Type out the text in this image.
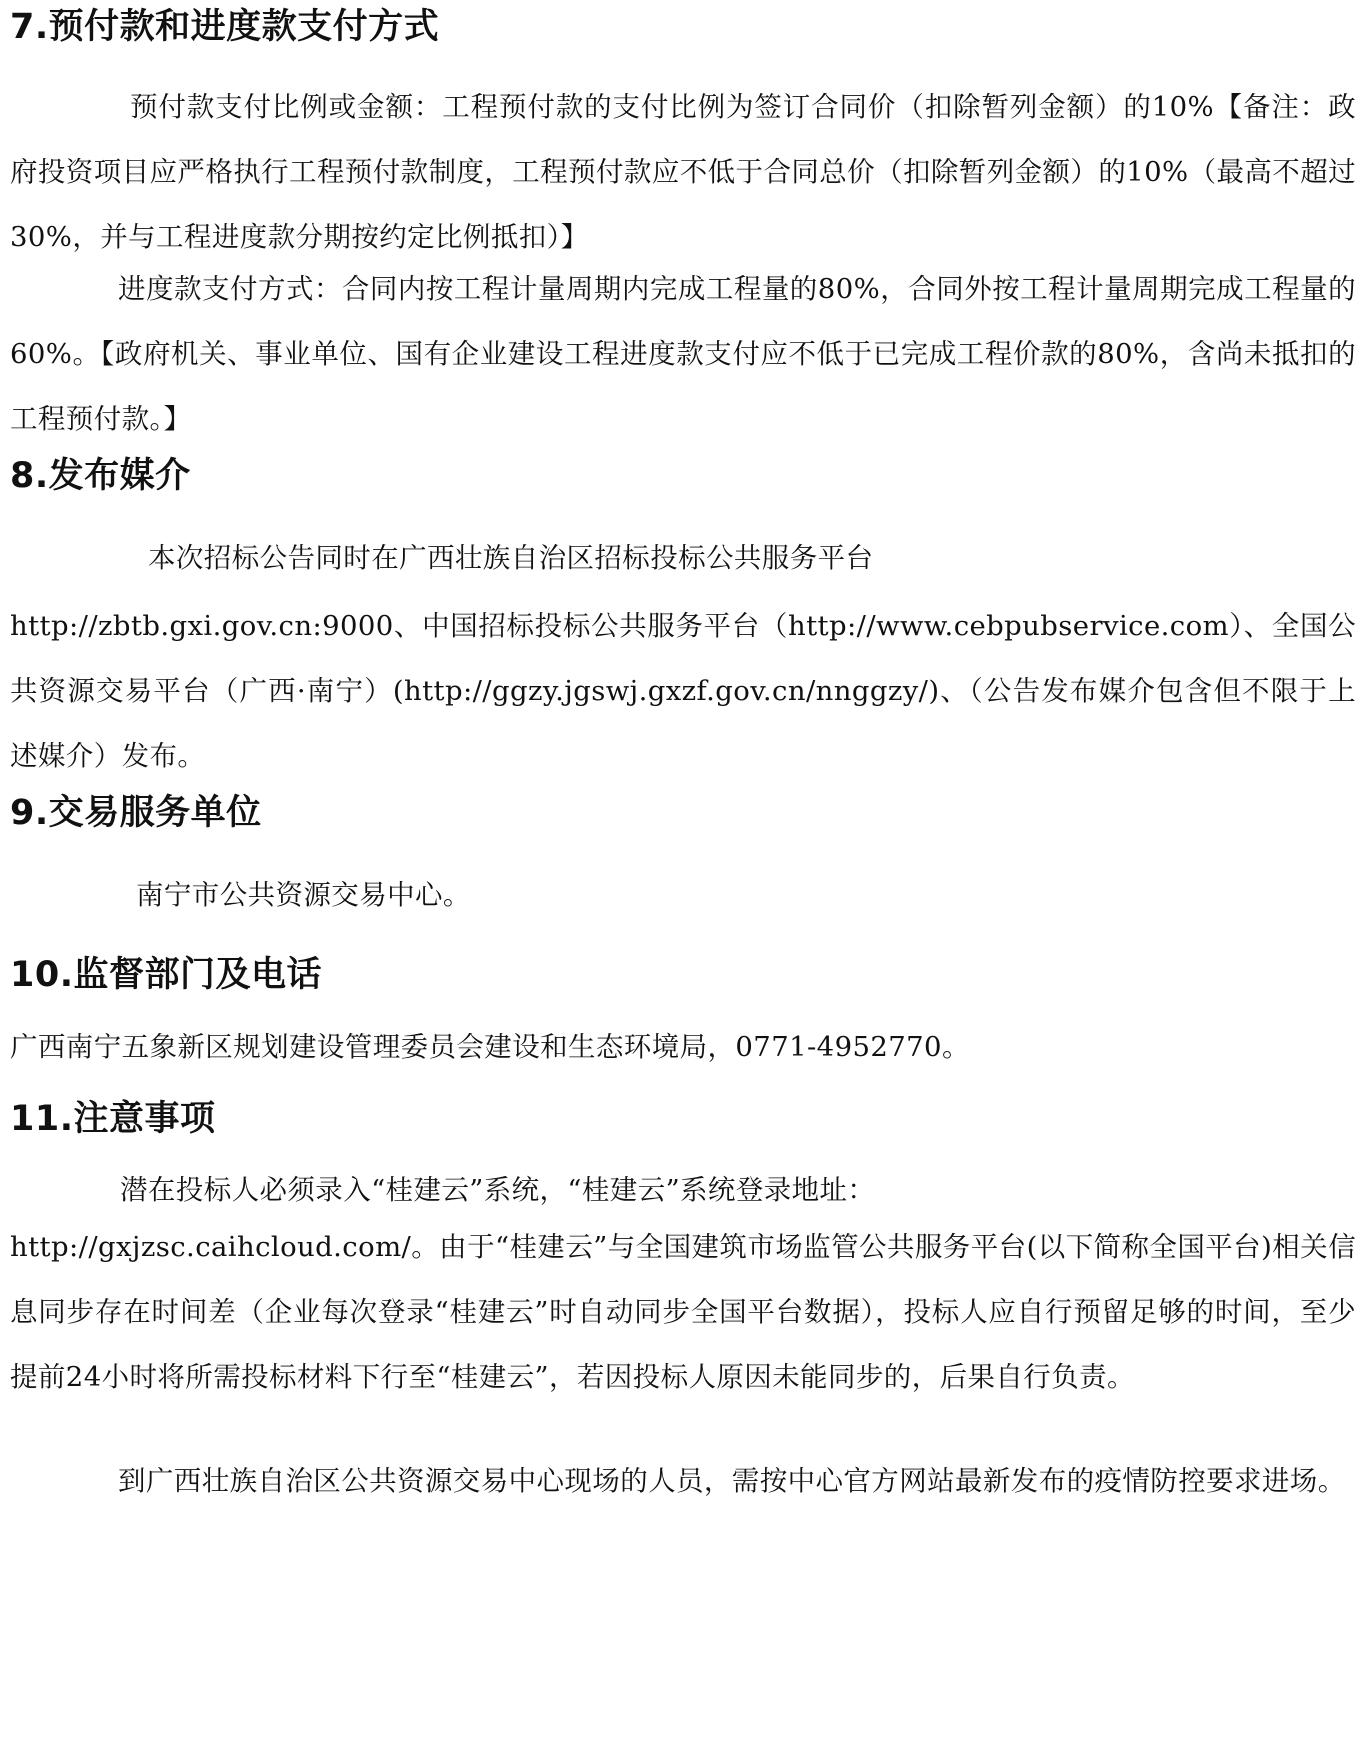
7.预付款和进度款支付方式
预付款支付比例或金额：工程预付款的支付比例为签订合同价（扣除暂列金额）的10%【备注：政府投资项目应严格执行工程预付款制度，工程预付款应不低于合同总价（扣除暂列金额）的10%（最高不超过30%，并与工程进度款分期按约定比例抵扣）】
进度款支付方式：合同内按工程计量周期内完成工程量的80%，合同外按工程计量周期完成工程量的60%。【政府机关、事业单位、国有企业建设工程进度款支付应不低于已完成工程价款的80%，含尚未抵扣的工程预付款。】
8.发布媒介
本次招标公告同时在广西壮族自治区招标投标公共服务平台
http://zbtb.gxi.gov.cn:9000、中国招标投标公共服务平台（http://www.cebpubservice.com）、全国公共资源交易平台（广西·南宁）(http://ggzy.jgswj.gxzf.gov.cn/nnggzy/)、（公告发布媒介包含但不限于上述媒介）发布。
9.交易服务单位
南宁市公共资源交易中心。
10.监督部门及电话
广西南宁五象新区规划建设管理委员会建设和生态环境局，0771-4952770。
11.注意事项
潜在投标人必须录入“桂建云”系统，“桂建云”系统登录地址：
http://gxjzsc.caihcloud.com/。由于“桂建云”与全国建筑市场监管公共服务平台(以下简称全国平台)相关信息同步存在时间差（企业每次登录“桂建云”时自动同步全国平台数据），投标人应自行预留足够的时间，至少提前24小时将所需投标材料下行至“桂建云”，若因投标人原因未能同步的，后果自行负责。
到广西壮族自治区公共资源交易中心现场的人员，需按中心官方网站最新发布的疫情防控要求进场。
